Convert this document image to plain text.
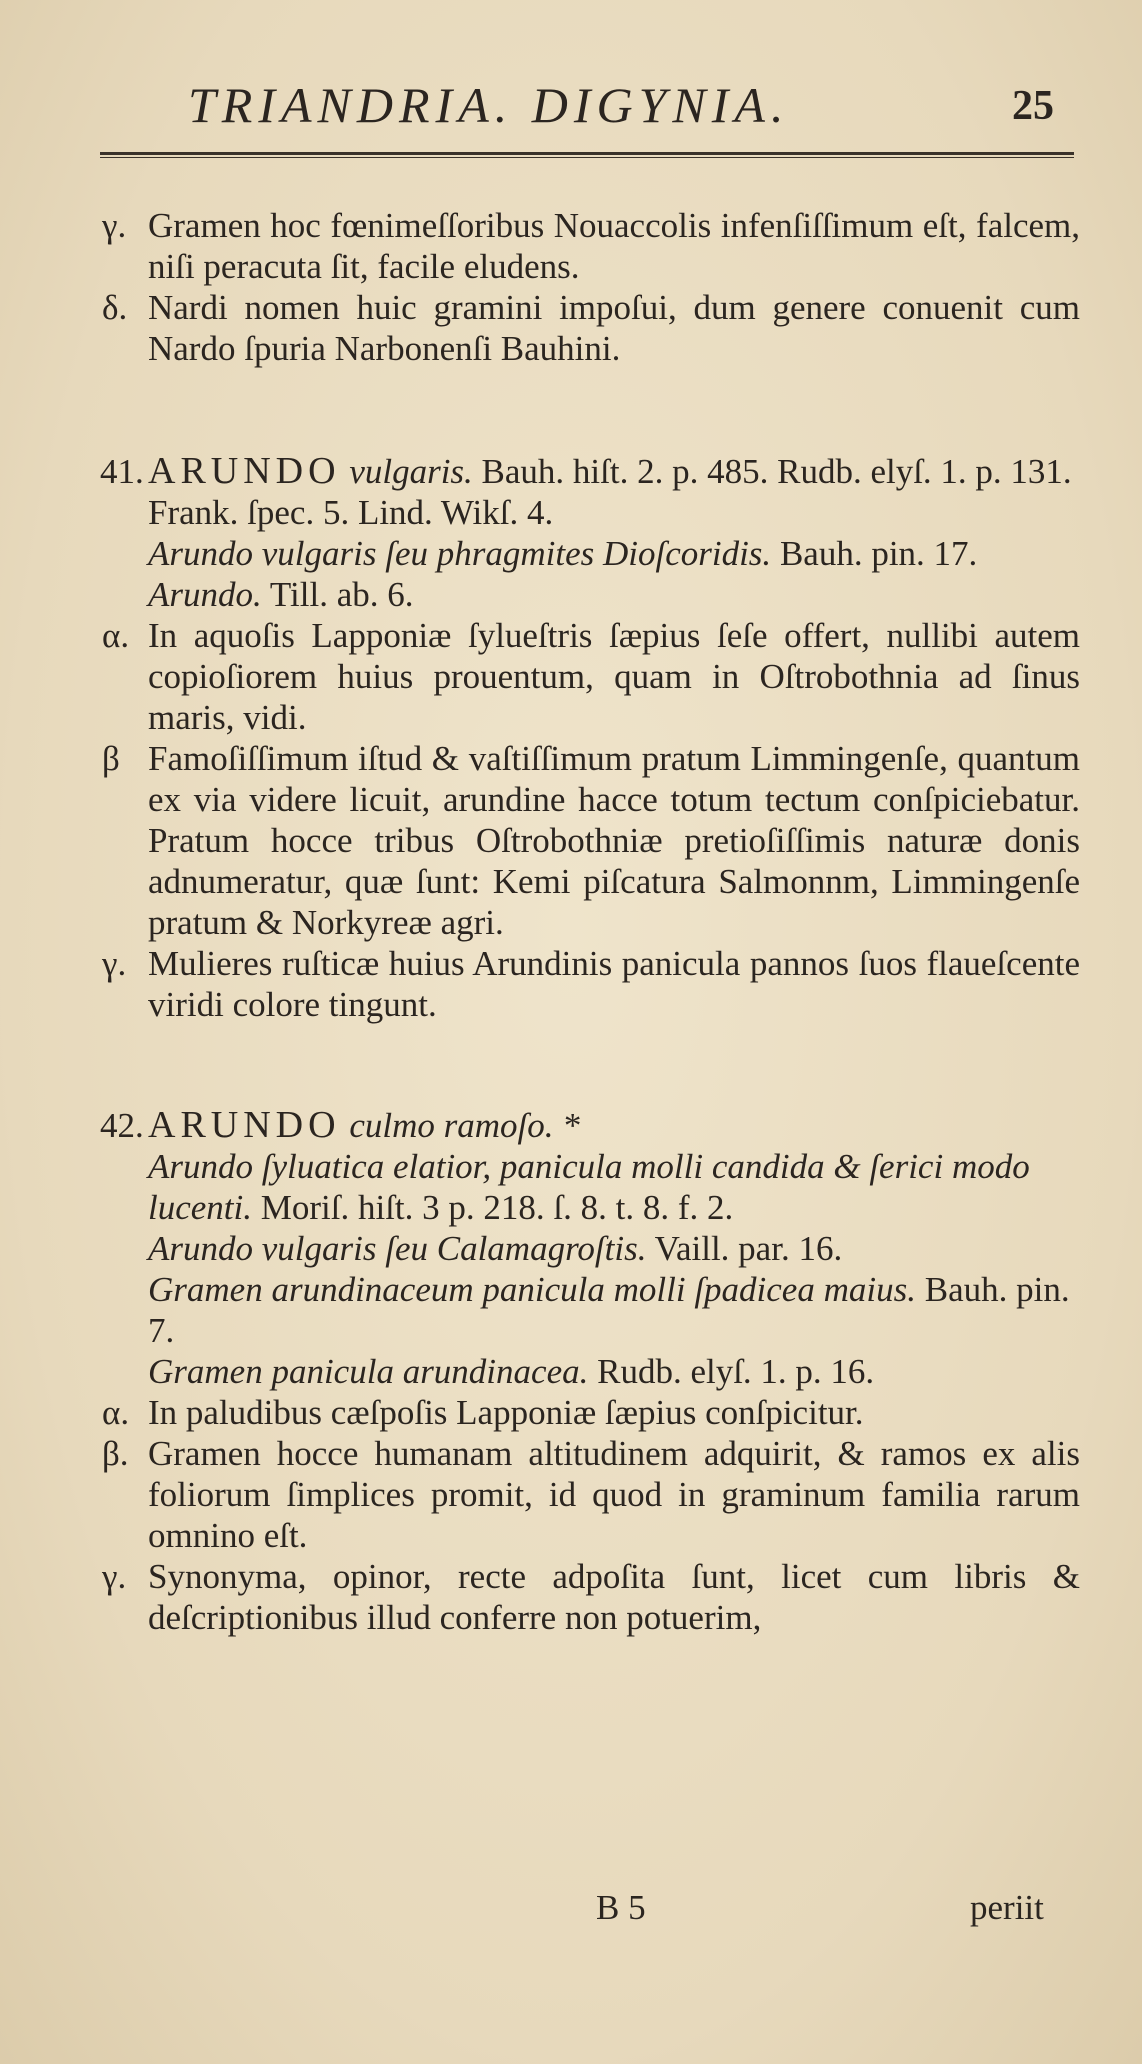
TRIANDRIA. DIGYNIA.	25

γ. Gramen hoc fœnimeſſoribus Nouaccolis infenſiſſimum eſt, falcem, niſi peracuta ſit, facile eludens.

δ. Nardi nomen huic gramini impoſui, dum genere conuenit cum Nardo ſpuria Narbonenſi Bauhini.

41. ARUNDO vulgaris. Bauh. hiſt. 2. p. 485. Rudb. elyſ. 1. p. 131. Frank. ſpec. 5. Lind. Wikſ. 4.

Arundo vulgaris ſeu phragmites Dioſcoridis. Bauh. pin. 17.

Arundo. Till. ab. 6.

α. In aquoſis Lapponiæ ſylueſtris ſæpius ſeſe offert, nullibi autem copioſiorem huius prouentum, quam in Oſtrobothnia ad ſinus maris, vidi.

β Famoſiſſimum iſtud & vaſtiſſimum pratum Limmingenſe, quantum ex via videre licuit, arundine hacce totum tectum conſpiciebatur. Pratum hocce tribus Oſtrobothniæ pretioſiſſimis naturæ donis adnumeratur, quæ ſunt: Kemi piſcatura Salmonnm, Limmingenſe pratum & Norkyreæ agri.

γ. Mulieres ruſticæ huius Arundinis panicula pannos ſuos flaueſcente viridi colore tingunt.

42. ARUNDO culmo ramoſo. *

Arundo ſyluatica elatior, panicula molli candida & ſerici modo lucenti. Moriſ. hiſt. 3 p. 218. ſ. 8. t. 8. f. 2.

Arundo vulgaris ſeu Calamagroſtis. Vaill. par. 16.

Gramen arundinaceum panicula molli ſpadicea maius. Bauh. pin. 7.

Gramen panicula arundinacea. Rudb. elyſ. 1. p. 16.

α. In paludibus cæſpoſis Lapponiæ ſæpius conſpicitur.

β. Gramen hocce humanam altitudinem adquirit, & ramos ex alis foliorum ſimplices promit, id quod in graminum familia rarum omnino eſt.

γ. Synonyma, opinor, recte adpoſita ſunt, licet cum libris & deſcriptionibus illud conferre non potuerim,

B 5	periit
